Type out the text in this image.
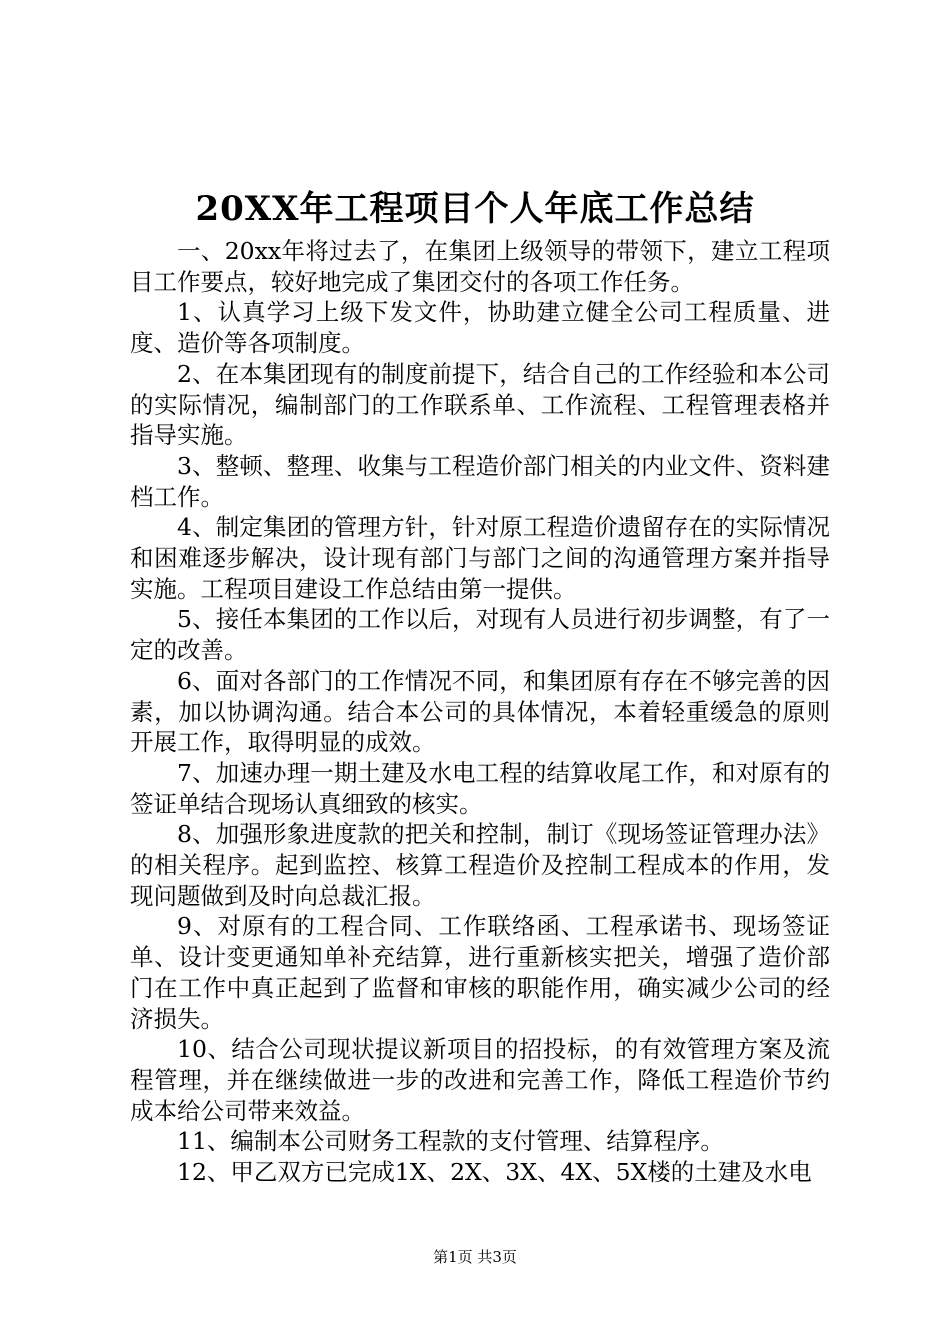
20XX年工程项目个人年底工作总结

一、20xx年将过去了，在集团上级领导的带领下，建立工程项目工作要点，较好地完成了集团交付的各项工作任务。

1、认真学习上级下发文件，协助建立健全公司工程质量、进度、造价等各项制度。

2、在本集团现有的制度前提下，结合自己的工作经验和本公司的实际情况，编制部门的工作联系单、工作流程、工程管理表格并指导实施。

3、整顿、整理、收集与工程造价部门相关的内业文件、资料建档工作。

4、制定集团的管理方针，针对原工程造价遗留存在的实际情况和困难逐步解决，设计现有部门与部门之间的沟通管理方案并指导实施。工程项目建设工作总结由第一提供。

5、接任本集团的工作以后，对现有人员进行初步调整，有了一定的改善。

6、面对各部门的工作情况不同，和集团原有存在不够完善的因素，加以协调沟通。结合本公司的具体情况，本着轻重缓急的原则开展工作，取得明显的成效。

7、加速办理一期土建及水电工程的结算收尾工作，和对原有的签证单结合现场认真细致的核实。

8、加强形象进度款的把关和控制，制订《现场签证管理办法》的相关程序。起到监控、核算工程造价及控制工程成本的作用，发现问题做到及时向总裁汇报。

9、对原有的工程合同、工作联络函、工程承诺书、现场签证单、设计变更通知单补充结算，进行重新核实把关，增强了造价部门在工作中真正起到了监督和审核的职能作用，确实减少公司的经济损失。

10、结合公司现状提议新项目的招投标，的有效管理方案及流程管理，并在继续做进一步的改进和完善工作，降低工程造价节约成本给公司带来效益。

11、编制本公司财务工程款的支付管理、结算程序。

12、甲乙双方已完成1X、2X、3X、4X、5X楼的土建及水电

第1页 共3页
